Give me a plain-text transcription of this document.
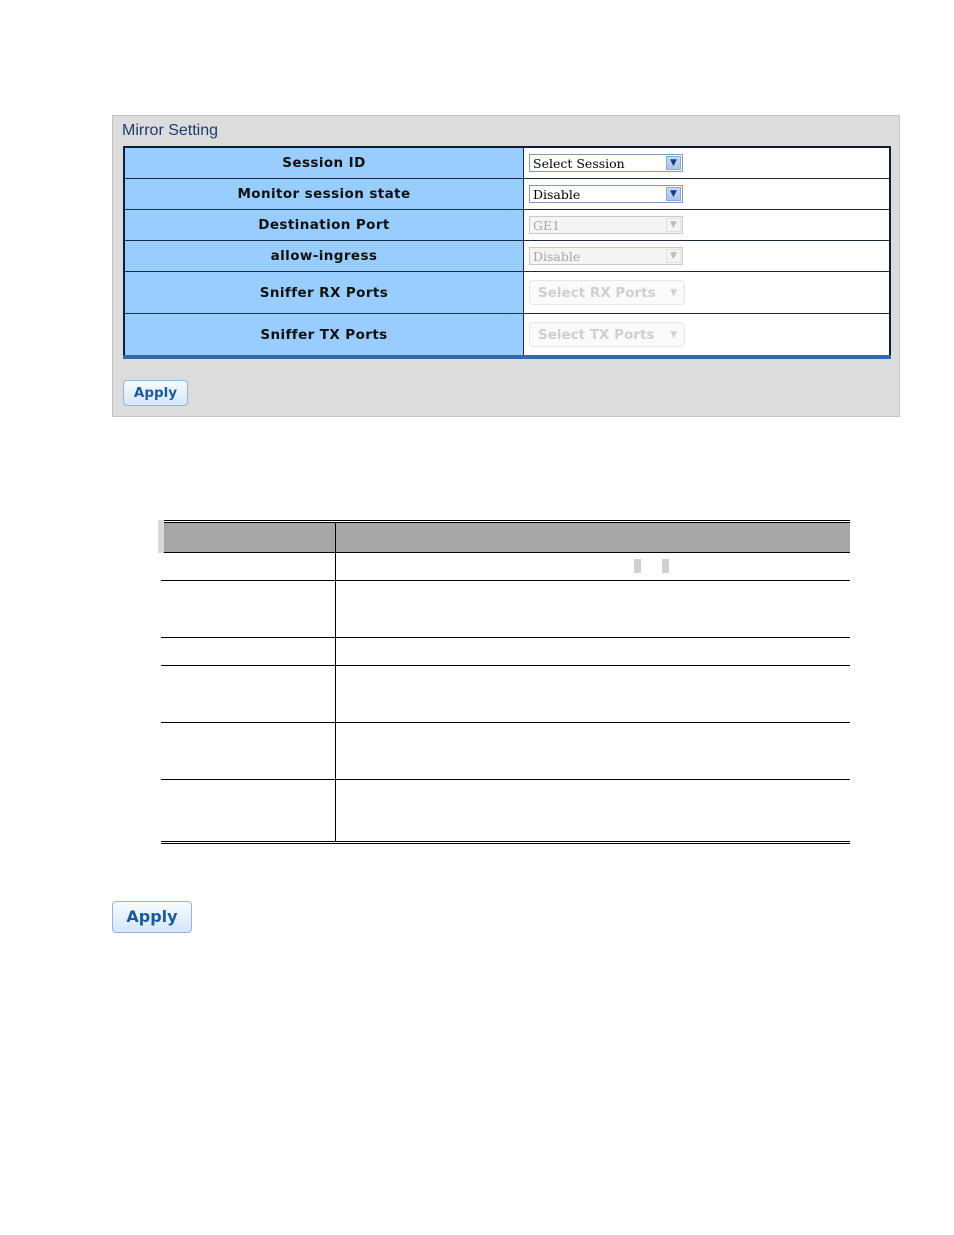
Mirror Setting
Session ID	Select Session ▼

Monitor session state	Disable ▼

Destination Port	GE1 ▼

allow-ingress	Disable ▼

Sniffer RX Ports	Select RX Ports ▼

Sniffer TX Ports	Select TX Ports ▼
Apply

Apply
